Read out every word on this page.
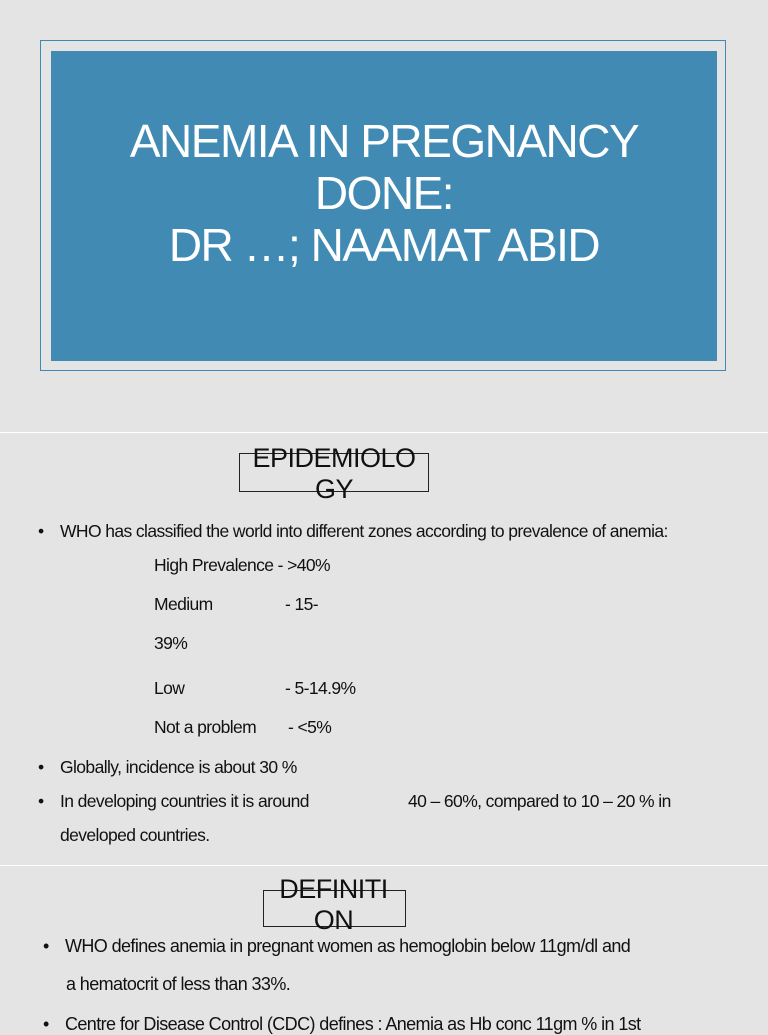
ANEMIA IN PREGNANCY
DONE:
DR …; NAAMAT ABID
EPIDEMIOLO
GY
• WHO has classified the world into different zones according to prevalence of anemia:
High Prevalence - >40%
Medium	- 15-
39%
Low	- 5-14.9%
Not a problem - <5%
• Globally, incidence is about 30 %
• In developing countries it is around	40 – 60%, compared to 10 – 20 % in
developed countries.
DEFINITI
ON
• WHO defines anemia in pregnant women as hemoglobin below 11gm/dl and
a hematocrit of less than 33%.
• Centre for Disease Control (CDC) defines : Anemia as Hb conc 11gm % in 1st
